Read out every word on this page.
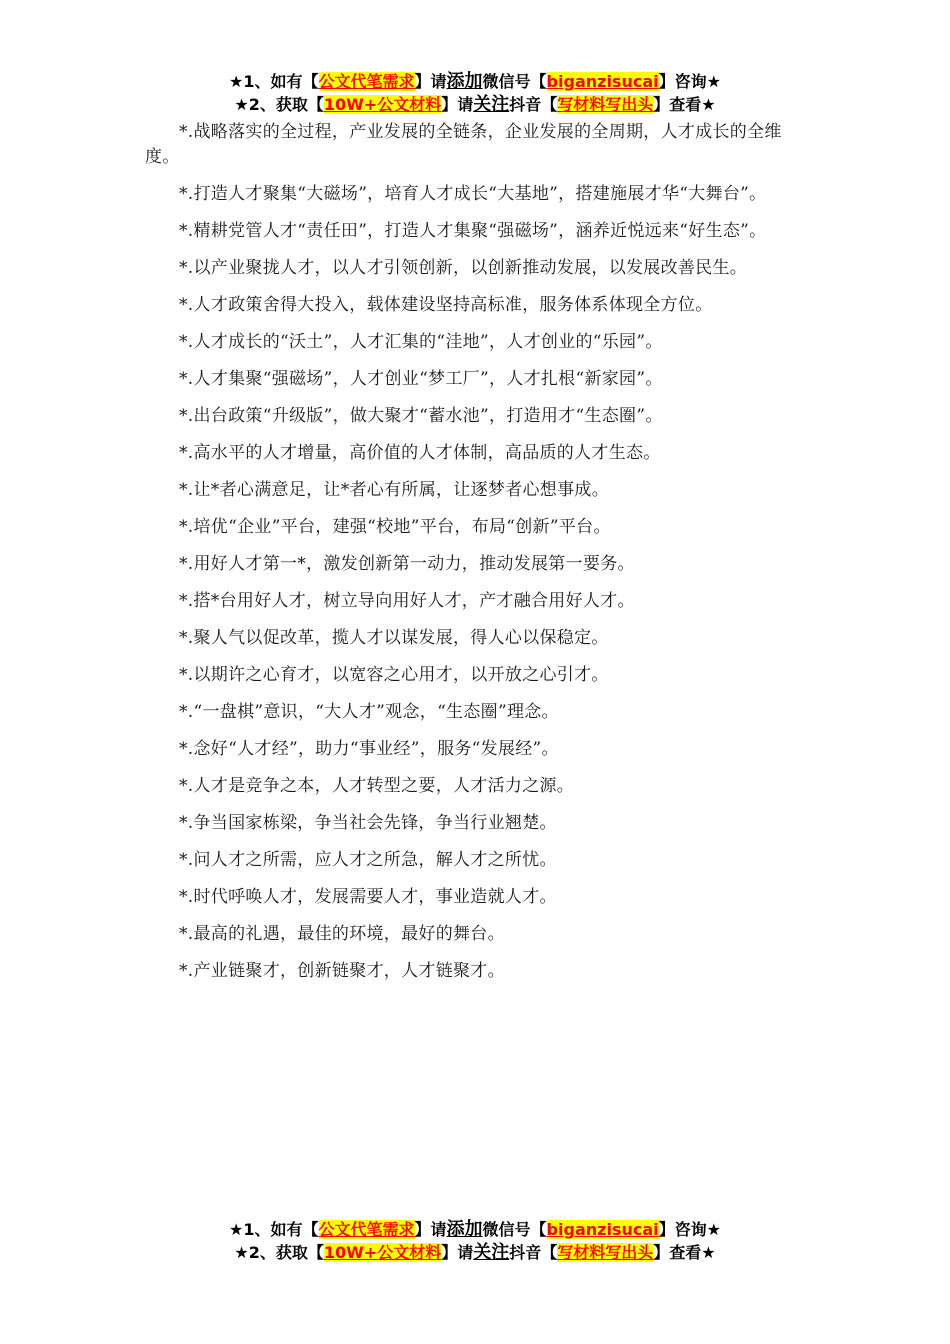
★1、如有【公文代笔需求】请添加微信号【biganzisucai】咨询★
★2、获取【10W+公文材料】请关注抖音【写材料写出头】查看★

*.战略落实的全过程，产业发展的全链条，企业发展的全周期，人才成长的全维度。

*.打造人才聚集“大磁场”，培育人才成长“大基地”，搭建施展才华“大舞台”。

*.精耕党管人才“责任田”，打造人才集聚“强磁场”，涵养近悦远来“好生态”。

*.以产业聚拢人才，以人才引领创新，以创新推动发展，以发展改善民生。

*.人才政策舍得大投入，载体建设坚持高标准，服务体系体现全方位。

*.人才成长的“沃土”，人才汇集的“洼地”，人才创业的“乐园”。

*.人才集聚“强磁场”，人才创业“梦工厂”，人才扎根“新家园”。

*.出台政策“升级版”，做大聚才“蓄水池”，打造用才“生态圈”。

*.高水平的人才增量，高价值的人才体制，高品质的人才生态。

*.让*者心满意足，让*者心有所属，让逐梦者心想事成。

*.培优“企业”平台，建强“校地”平台，布局“创新”平台。

*.用好人才第一*，激发创新第一动力，推动发展第一要务。

*.搭*台用好人才，树立导向用好人才，产才融合用好人才。

*.聚人气以促改革，揽人才以谋发展，得人心以保稳定。

*.以期许之心育才，以宽容之心用才，以开放之心引才。

*.“一盘棋”意识，“大人才”观念，“生态圈”理念。

*.念好“人才经”，助力“事业经”，服务“发展经”。

*.人才是竞争之本，人才转型之要，人才活力之源。

*.争当国家栋梁，争当社会先锋，争当行业翘楚。

*.问人才之所需，应人才之所急，解人才之所忧。

*.时代呼唤人才，发展需要人才，事业造就人才。

*.最高的礼遇，最佳的环境，最好的舞台。

*.产业链聚才，创新链聚才，人才链聚才。

★1、如有【公文代笔需求】请添加微信号【biganzisucai】咨询★
★2、获取【10W+公文材料】请关注抖音【写材料写出头】查看★
